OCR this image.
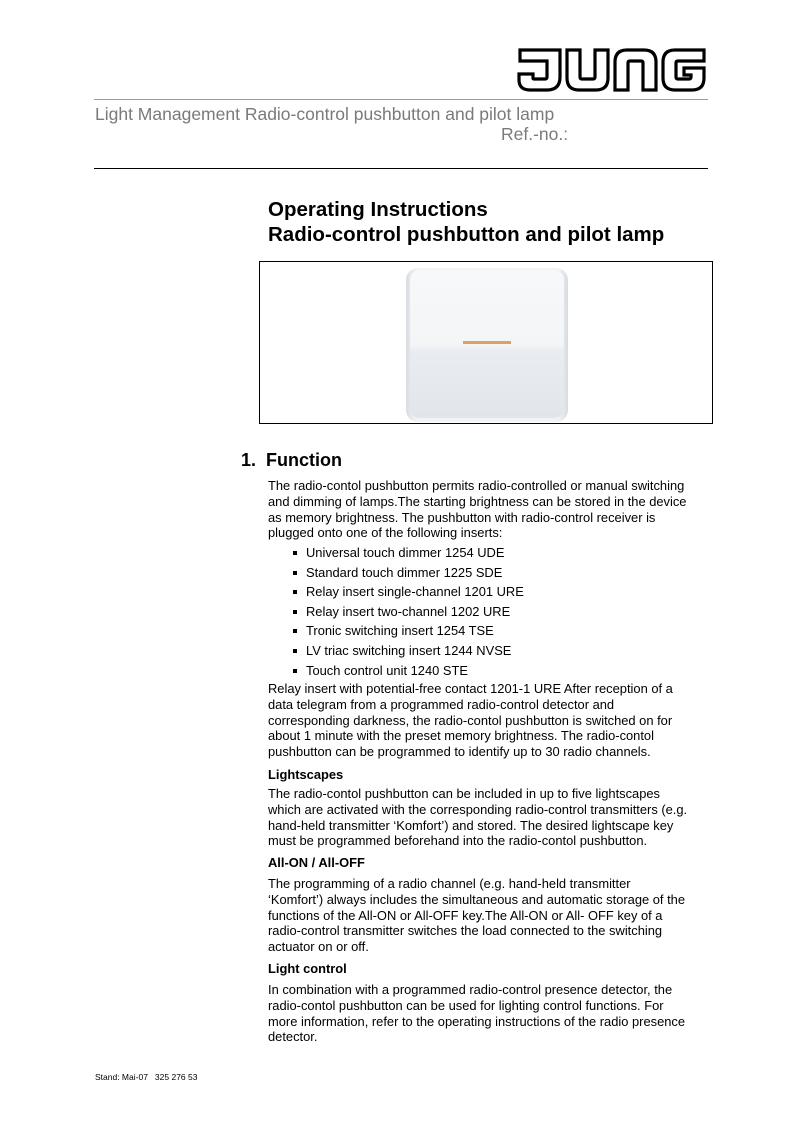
Light Management Radio-control pushbutton and pilot lamp
Ref.-no.:
Operating Instructions
Radio-control pushbutton and pilot lamp
1. Function
The radio-contol pushbutton permits radio-controlled or manual switching
and dimming of lamps.The starting brightness can be stored in the device
as memory brightness. The pushbutton with radio-control receiver is
plugged onto one of the following inserts:
Universal touch dimmer 1254 UDE
Standard touch dimmer 1225 SDE
Relay insert single-channel 1201 URE
Relay insert two-channel 1202 URE
Tronic switching insert 1254 TSE
LV triac switching insert 1244 NVSE
Touch control unit 1240 STE
Relay insert with potential-free contact 1201-1 URE After reception of a
data telegram from a programmed radio-control detector and
corresponding darkness, the radio-contol pushbutton is switched on for
about 1 minute with the preset memory brightness. The radio-contol
pushbutton can be programmed to identify up to 30 radio channels.
Lightscapes
The radio-contol pushbutton can be included in up to five lightscapes
which are activated with the corresponding radio-control transmitters (e.g.
hand-held transmitter ‘Komfort’) and stored. The desired lightscape key
must be programmed beforehand into the radio-contol pushbutton.
All-ON / All-OFF
The programming of a radio channel (e.g. hand-held transmitter
‘Komfort’) always includes the simultaneous and automatic storage of the
functions of the All-ON or All-OFF key.The All-ON or All- OFF key of a
radio-control transmitter switches the load connected to the switching
actuator on or off.
Light control
In combination with a programmed radio-control presence detector, the
radio-contol pushbutton can be used for lighting control functions. For
more information, refer to the operating instructions of the radio presence
detector.
Stand: Mai-07 325 276 53
